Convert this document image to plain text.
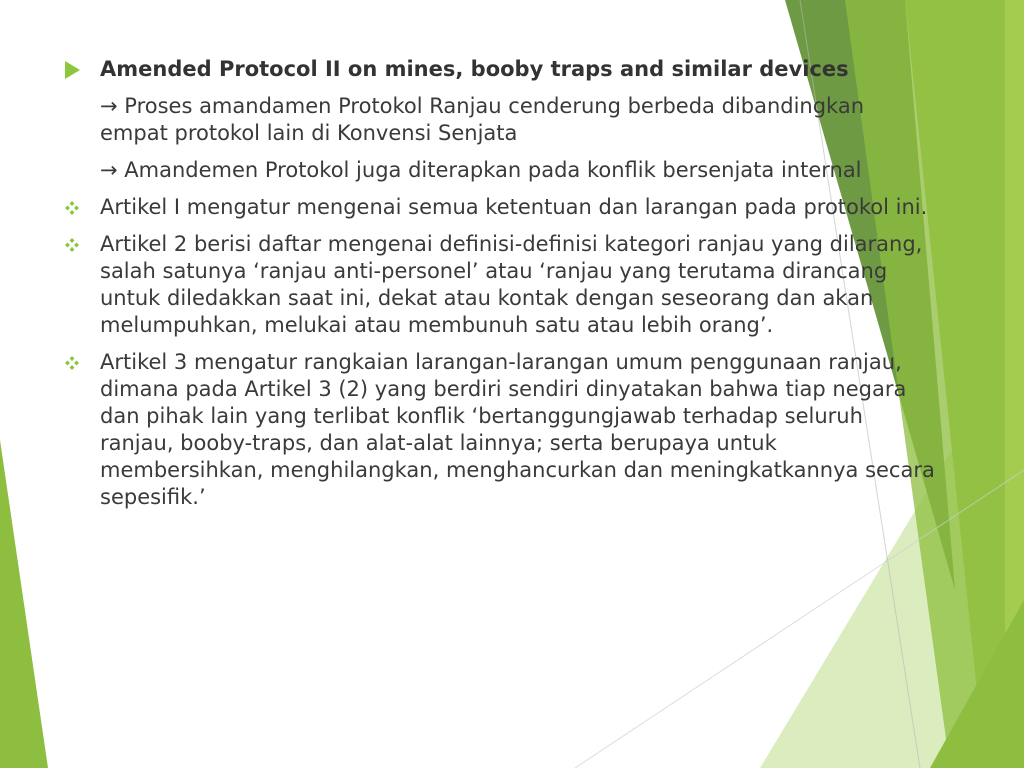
Amended Protocol II on mines, booby traps and similar devices
→ Proses amandamen Protokol Ranjau cenderung berbeda dibandingkan empat protokol lain di Konvensi Senjata
→ Amandemen Protokol juga diterapkan pada konflik bersenjata internal
Artikel I mengatur mengenai semua ketentuan dan larangan pada protokol ini.
Artikel 2 berisi daftar mengenai definisi-definisi kategori ranjau yang dilarang, salah satunya ‘ranjau anti-personel’ atau ‘ranjau yang terutama dirancang untuk diledakkan saat ini, dekat atau kontak dengan seseorang dan akan melumpuhkan, melukai atau membunuh satu atau lebih orang’.
Artikel 3 mengatur rangkaian larangan-larangan umum penggunaan ranjau, dimana pada Artikel 3 (2) yang berdiri sendiri dinyatakan bahwa tiap negara dan pihak lain yang terlibat konflik ‘bertanggungjawab terhadap seluruh ranjau, booby-traps, dan alat-alat lainnya; serta berupaya untuk membersihkan, menghilangkan, menghancurkan dan meningkatkannya secara sepesifik.’
